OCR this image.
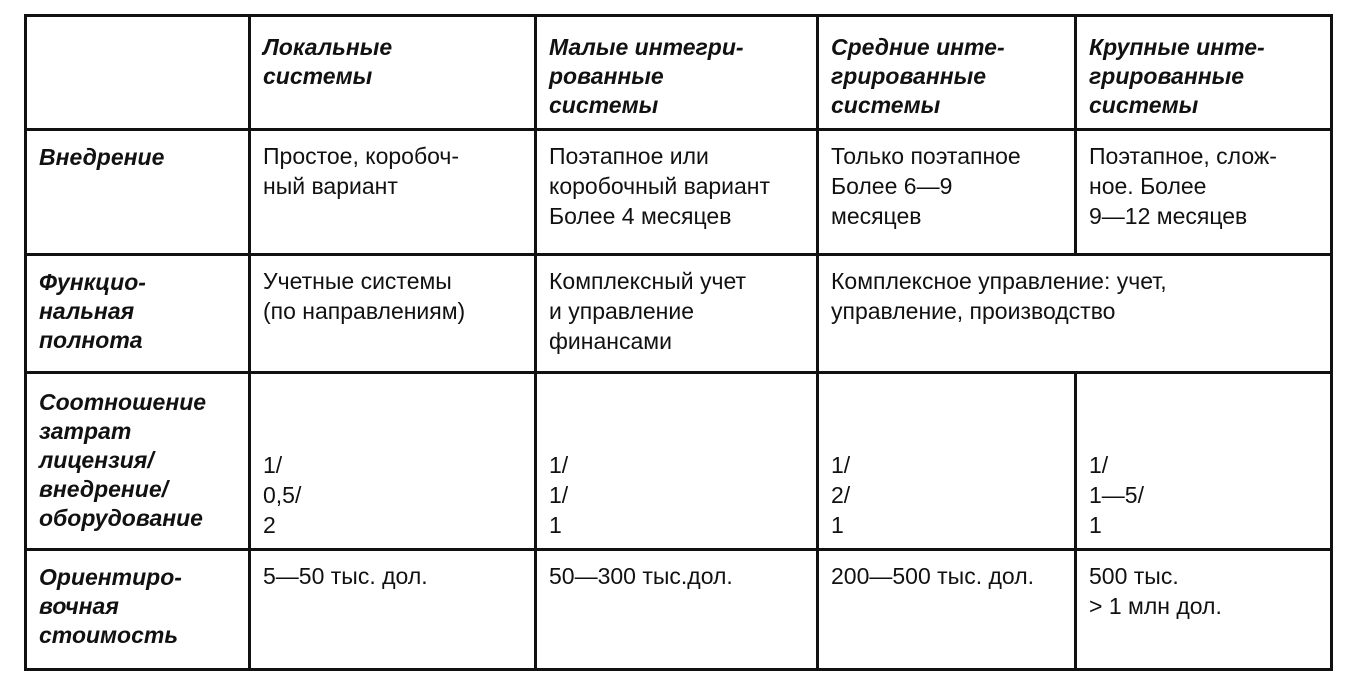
	Локальные
системы	Малые интегри-
рованные
системы	Средние инте-
грированные
системы	Крупные инте-
грированные
системы

Внедрение	Простое, коробоч-
ный вариант	Поэтапное или
коробочный вариант
Более 4 месяцев	Только поэтапное
Более 6—9
месяцев	Поэтапное, слож-
ное. Более
9—12 месяцев

Функцио-
нальная
полнота	Учетные системы
(по направлениям)	Комплексный учет
и управление
финансами	Комплексное управление: учет,
управление, производство	

Соотношение
затрат
лицензия/
внедрение/
оборудование	1/
0,5/
2	1/
1/
1	1/
2/
1	1/
1—5/
1

Ориентиро-
вочная
стоимость	5—50 тыс. дол.	50—300 тыс.дол.	200—500 тыс. дол.	500 тыс.
> 1 млн дол.
